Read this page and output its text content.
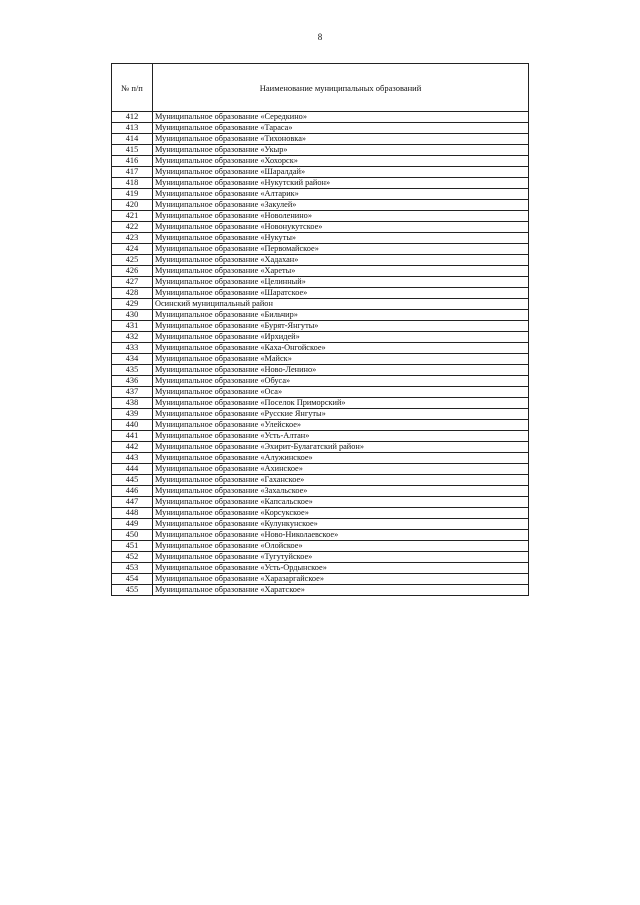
8
№ п/п	Наименование муниципальных образований
412	Муниципальное образование «Середкино»
413	Муниципальное образование «Тараса»
414	Муниципальное образование «Тихоновка»
415	Муниципальное образование «Укыр»
416	Муниципальное образование «Хохорск»
417	Муниципальное образование «Шаралдай»
418	Муниципальное образование «Нукутский район»
419	Муниципальное образование «Алтарик»
420	Муниципальное образование «Закулей»
421	Муниципальное образование «Новоленино»
422	Муниципальное образование «Новонукутское»
423	Муниципальное образование «Нукуты»
424	Муниципальное образование «Первомайское»
425	Муниципальное образование «Хадахан»
426	Муниципальное образование «Хареты»
427	Муниципальное образование «Целинный»
428	Муниципальное образование «Шаратское»
429	Осинский муниципальный район
430	Муниципальное образование «Бильчир»
431	Муниципальное образование «Бурят-Янгуты»
432	Муниципальное образование «Ирхидей»
433	Муниципальное образование «Каха-Онгойское»
434	Муниципальное образование «Майск»
435	Муниципальное образование «Ново-Ленино»
436	Муниципальное образование «Обуса»
437	Муниципальное образование «Оса»
438	Муниципальное образование «Поселок Приморский»
439	Муниципальное образование «Русские Янгуты»
440	Муниципальное образование «Улейское»
441	Муниципальное образование «Усть-Алтан»
442	Муниципальное образование «Эхирит-Булагатский район»
443	Муниципальное образование «Алужинское»
444	Муниципальное образование «Ахинское»
445	Муниципальное образование «Гаханское»
446	Муниципальное образование «Захальское»
447	Муниципальное образование «Капсальское»
448	Муниципальное образование «Корсукское»
449	Муниципальное образование «Кулункунское»
450	Муниципальное образование «Ново-Николаевское»
451	Муниципальное образование «Олойское»
452	Муниципальное образование «Тугутуйское»
453	Муниципальное образование «Усть-Ордынское»
454	Муниципальное образование «Харазаргайское»
455	Муниципальное образование «Харатское»
